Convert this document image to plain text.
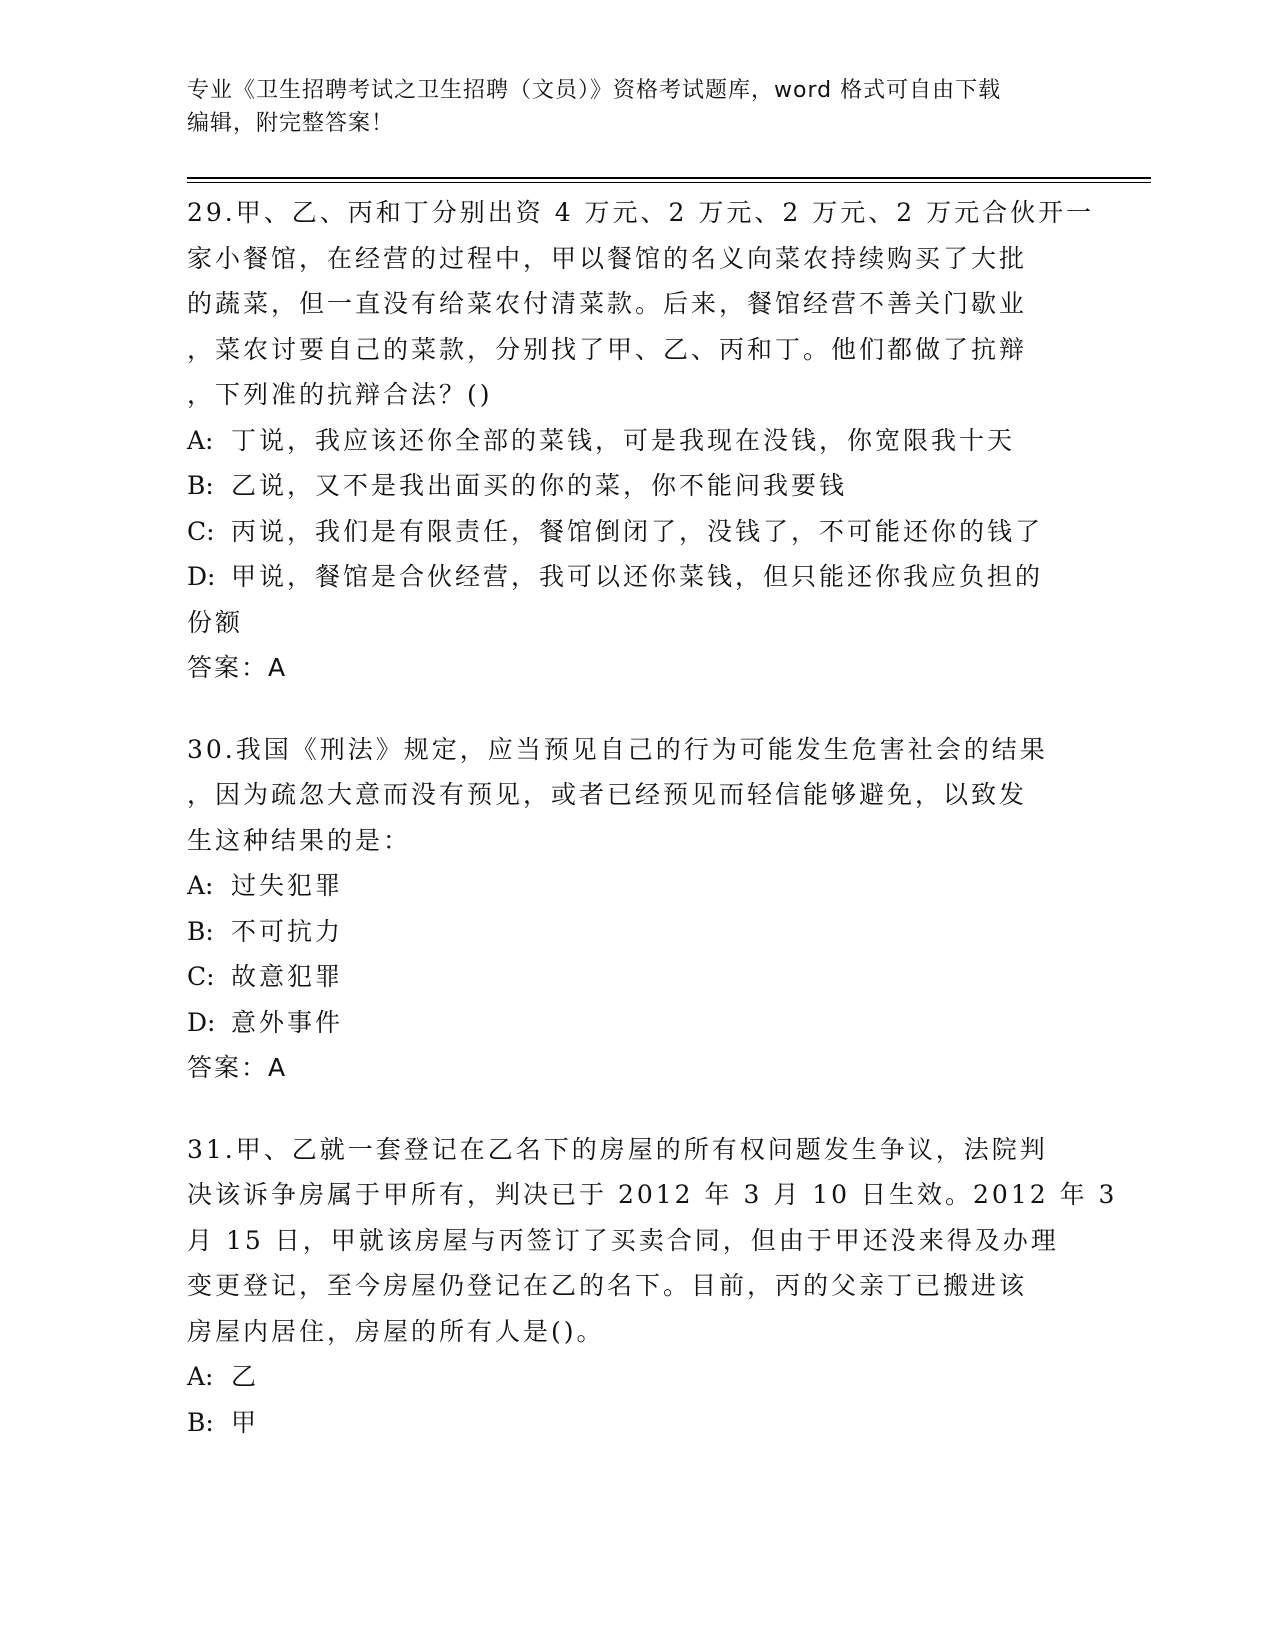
专业《卫生招聘考试之卫生招聘（文员）》资格考试题库，word 格式可自由下载
编辑，附完整答案！
29.甲、乙、丙和丁分别出资 4 万元、2 万元、2 万元、2 万元合伙开一
家小餐馆，在经营的过程中，甲以餐馆的名义向菜农持续购买了大批
的蔬菜，但一直没有给菜农付清菜款。后来，餐馆经营不善关门歇业
，菜农讨要自己的菜款，分别找了甲、乙、丙和丁。他们都做了抗辩
，下列准的抗辩合法？()
A: 丁说，我应该还你全部的菜钱，可是我现在没钱，你宽限我十天
B: 乙说，又不是我出面买的你的菜，你不能问我要钱
C: 丙说，我们是有限责任，餐馆倒闭了，没钱了，不可能还你的钱了
D: 甲说，餐馆是合伙经营，我可以还你菜钱，但只能还你我应负担的
份额
答案：A
30.我国《刑法》规定，应当预见自己的行为可能发生危害社会的结果
，因为疏忽大意而没有预见，或者已经预见而轻信能够避免，以致发
生这种结果的是：
A: 过失犯罪
B: 不可抗力
C: 故意犯罪
D: 意外事件
答案：A
31.甲、乙就一套登记在乙名下的房屋的所有权问题发生争议，法院判
决该诉争房属于甲所有，判决已于 2012 年 3 月 10 日生效。2012 年 3
月 15 日，甲就该房屋与丙签订了买卖合同，但由于甲还没来得及办理
变更登记，至今房屋仍登记在乙的名下。目前，丙的父亲丁已搬进该
房屋内居住，房屋的所有人是()。
A: 乙
B: 甲
